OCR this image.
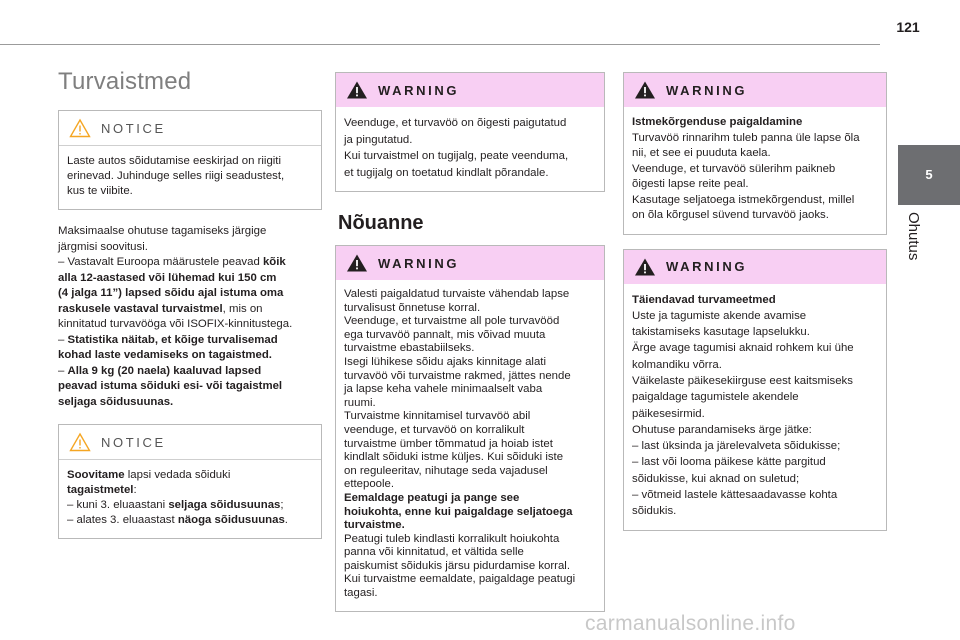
121
5
Ohutus
Turvaistmed
NOTICE
Laste autos sõidutamise eeskirjad on riigiti
erinevad. Juhinduge selles riigi seadustest,
kus te viibite.
Maksimaalse ohutuse tagamiseks järgige
järgmisi soovitusi.
– Vastavalt Euroopa määrustele peavad kõik
alla 12-aastased või lühemad kui 150 cm
(4 jalga 11”) lapsed sõidu ajal istuma oma
raskusele vastaval turvaistmel, mis on
kinnitatud turvavööga või ISOFIX-kinnitustega.
– Statistika näitab, et kõige turvalisemad
kohad laste vedamiseks on tagaistmed.
– Alla 9 kg (20 naela) kaaluvad lapsed
peavad istuma sõiduki esi- või tagaistmel
seljaga sõidusuunas.
NOTICE
Soovitame lapsi vedada sõiduki
tagaistmetel:
– kuni 3. eluaastani seljaga sõidusuunas;
– alates 3. eluaastast näoga sõidusuunas.
WARNING
Veenduge, et turvavöö on õigesti paigutatud
ja pingutatud.
Kui turvaistmel on tugijalg, peate veenduma,
et tugijalg on toetatud kindlalt põrandale.
Nõuanne
WARNING
Valesti paigaldatud turvaiste vähendab lapse
turvalisust õnnetuse korral.
Veenduge, et turvaistme all pole turvavööd
ega turvavöö pannalt, mis võivad muuta
turvaistme ebastabiilseks.
Isegi lühikese sõidu ajaks kinnitage alati
turvavöö või turvaistme rakmed, jättes nende
ja lapse keha vahele minimaalselt vaba
ruumi.
Turvaistme kinnitamisel turvavöö abil
veenduge, et turvavöö on korralikult
turvaistme ümber tõmmatud ja hoiab istet
kindlalt sõiduki istme küljes. Kui sõiduki iste
on reguleeritav, nihutage seda vajadusel
ettepoole.
Eemaldage peatugi ja pange see
hoiukohta, enne kui paigaldage seljatoega
turvaistme.
Peatugi tuleb kindlasti korralikult hoiukohta
panna või kinnitatud, et vältida selle
paiskumist sõidukis järsu pidurdamise korral.
Kui turvaistme eemaldate, paigaldage peatugi
tagasi.
WARNING
Istmekõrgenduse paigaldamine
Turvavöö rinnarihm tuleb panna üle lapse õla
nii, et see ei puuduta kaela.
Veenduge, et turvavöö sülerihm paikneb
õigesti lapse reite peal.
Kasutage seljatoega istmekõrgendust, millel
on õla kõrgusel süvend turvavöö jaoks.
WARNING
Täiendavad turvameetmed
Uste ja tagumiste akende avamise
takistamiseks kasutage lapselukku.
Ärge avage tagumisi aknaid rohkem kui ühe
kolmandiku võrra.
Väikelaste päikesekiirguse eest kaitsmiseks
paigaldage tagumistele akendele
päikesesirmid.
Ohutuse parandamiseks ärge jätke:
– last üksinda ja järelevalveta sõidukisse;
– last või looma päikese kätte pargitud
sõidukisse, kui aknad on suletud;
– võtmeid lastele kättesaadavasse kohta
sõidukis.
carmanualsonline.info
